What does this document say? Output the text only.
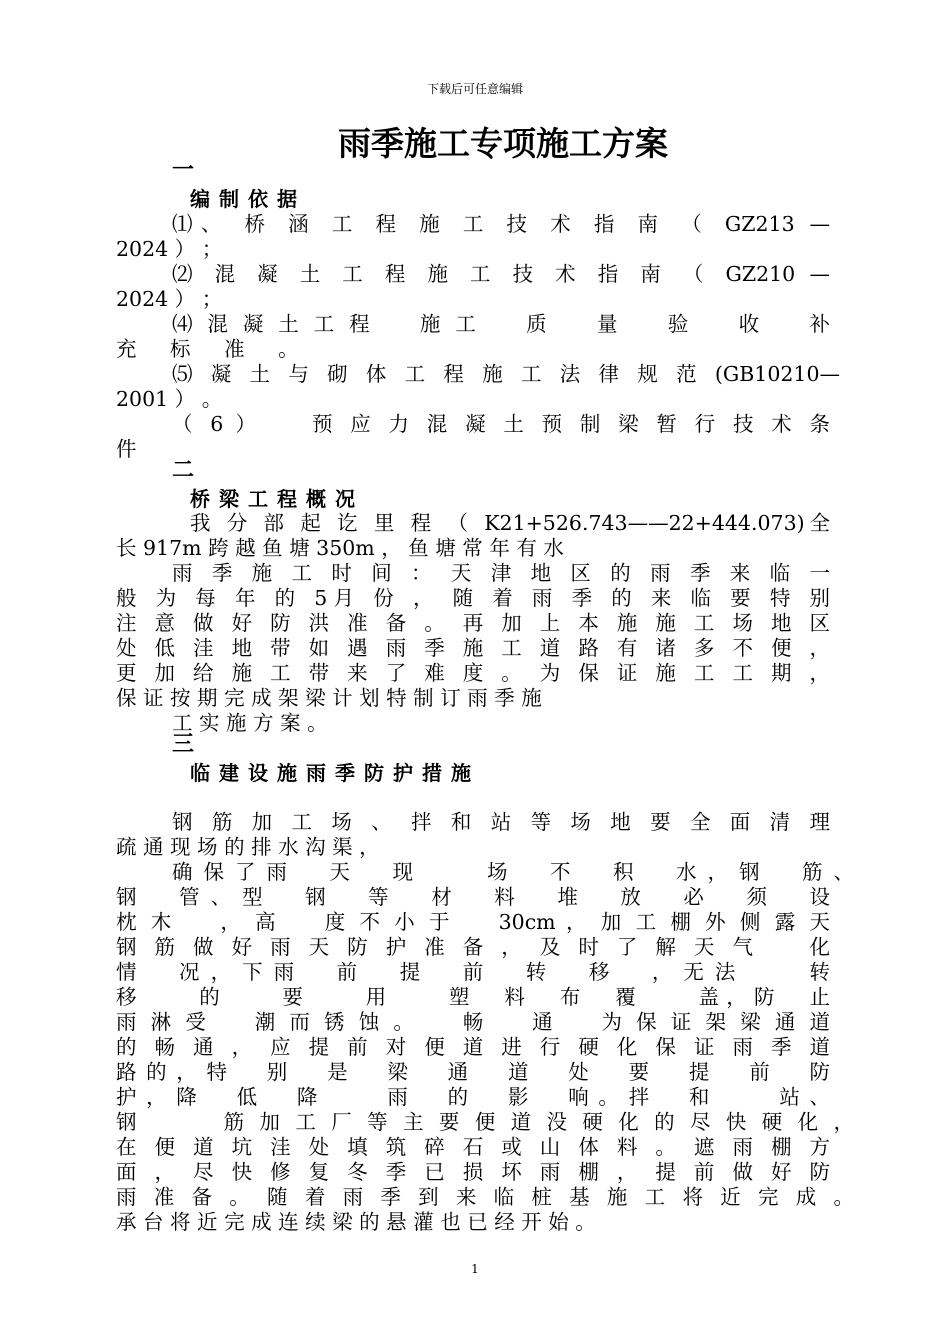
下载后可任意编辑
雨季施工专项施工方案
一
编制依据
⑴、 桥 涵 工 程 施 工 技 术 指 南 （ GZ213 —
2024 ） ；
⑵ 混 凝 土 工 程 施 工 技 术 指 南 （ GZ210 —
2024 ） ；
⑷ 混 凝 土 工 程 　 施 工 　 质 　 量 　 验 　 收 　 补
充 　 标 　 准 　 。
⑸ 凝 土 与 砌 体 工 程 施 工 法 律 规 范 (GB10210—
2001 ） 。
（ 6 ） 　 预 应 力 混 凝 土 预 制 梁 暂 行 技 术 条
件
二
桥梁工程概况
我 分 部 起 讫 里 程 （ K21+526.743——22+444.073)全
长 917m 跨 越 鱼 塘 350m ， 鱼 塘 常 年 有 水
雨 季 施 工 时 间 ： 天 津 地 区 的 雨 季 来 临 一
般 为 每 年 的 5月 份 ， 随 着 雨 季 的 来 临 要 特 别
注 意 做 好 防 洪 准 备 。 再 加 上 本 施 施 工 场 地 区
处 低 洼 地 带 如 遇 雨 季 施 工 道 路 有 诸 多 不 便 ，
更 加 给 施 工 带 来 了 难 度 。 为 保 证 施 工 工 期 ，
保 证 按 期 完 成 架 梁 计 划 特 制 订 雨 季 施
工 实 施 方 案 。
三
临建设施雨季防护措施
钢 筋 加 工 场 、 拌 和 站 等 场 地 要 全 面 清 理
疏 通 现 场 的 排 水 沟 渠 ，
确 保 了 雨 　 天 　 现 　 　 场 　 不 　 积 　 水 ， 钢 　 筋 、
钢 　 管 、 型 　 钢 　 等 　 材 　 料 　 堆 　 放 　 必 　 须 　 设
枕 木 　 ， 高 　 度 不 小 于 　 30cm ， 加 工 棚 外 侧 露 天
钢 筋 做 好 雨 天 防 护 准 备 ， 及 时 了 解 天 气 　 化
情 　 况 ， 下 雨 　 前 　 提 　 前 　 转 　 移 　 ， 无 法 　 　 转
移 　 　 的 　 　 要 　 　 用 　 　 塑 　 料 　 布 　 覆 　 　 盖 ， 防 　 止
雨 淋 受 　 潮 而 锈 蚀 。 　 畅 　 通 　 为 保 证 架 梁 通 道
的 畅 通 ， 应 提 前 对 便 道 进 行 硬 化 保 证 雨 季 道
路 的 ， 特 　 别 　 是 　 梁 　 通 　 道 　 处 　 要 　 提 　 前 　 防
护 ， 降 　 低 　 降 　 　 雨 　 的 　 影 　 响 。 拌 　 和 　 　 站 、
钢 　 　 筋 加 工 厂 等 主 要 便 道 没 硬 化 的 尽 快 硬 化 ，
在 便 道 坑 洼 处 填 筑 碎 石 或 山 体 料 。 遮 雨 棚 方
面 ， 尽 快 修 复 冬 季 已 损 坏 雨 棚 ， 提 前 做 好 防
雨 准 备 。 随 着 雨 季 到 来 临 桩 基 施 工 将 近 完 成 。
承 台 将 近 完 成 连 续 梁 的 悬 灌 也 已 经 开 始 。
1
